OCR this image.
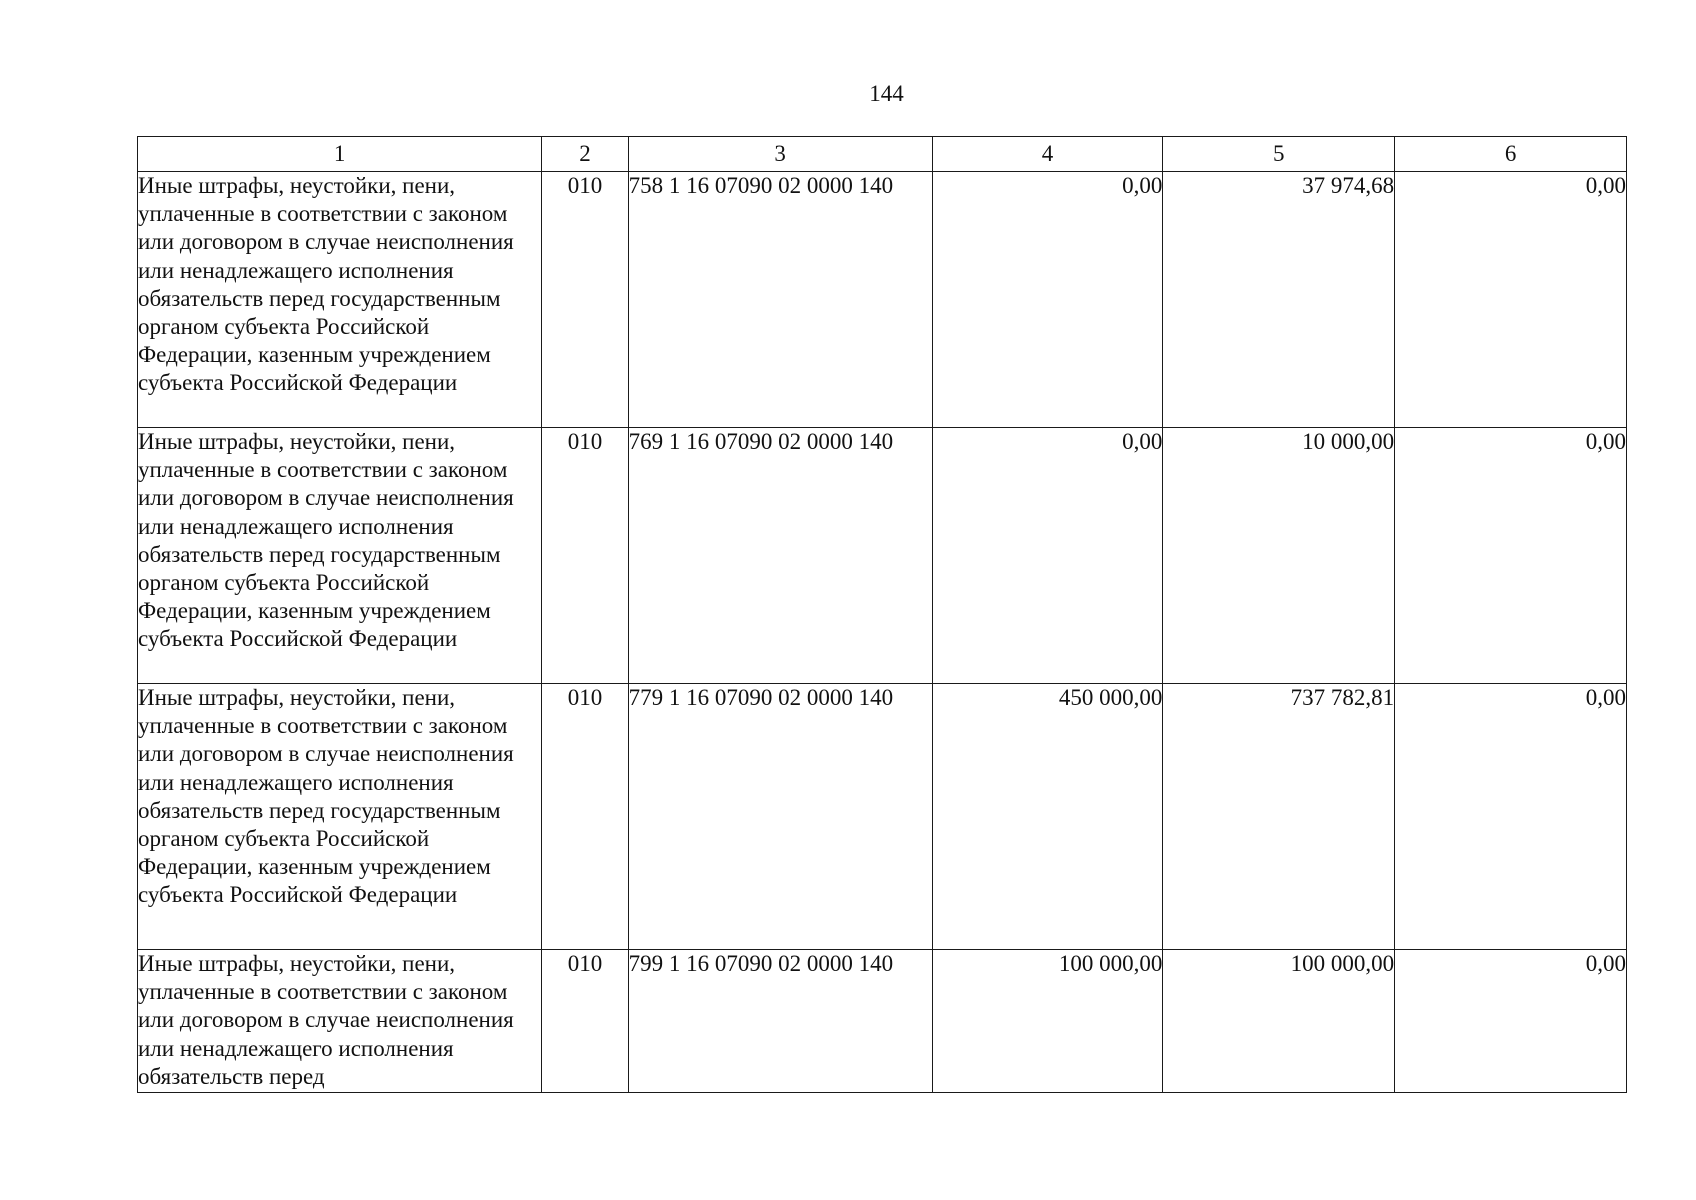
144
1	2	3	4	5	6
Иные штрафы, неустойки, пени, уплаченные в соответствии с законом или договором в случае неисполнения или ненадлежащего исполнения обязательств перед государственным органом субъекта Российской Федерации, казенным учреждением субъекта Российской Федерации	010	758 1 16 07090 02 0000 140	0,00	37 974,68	0,00
Иные штрафы, неустойки, пени, уплаченные в соответствии с законом или договором в случае неисполнения или ненадлежащего исполнения обязательств перед государственным органом субъекта Российской Федерации, казенным учреждением субъекта Российской Федерации	010	769 1 16 07090 02 0000 140	0,00	10 000,00	0,00
Иные штрафы, неустойки, пени, уплаченные в соответствии с законом или договором в случае неисполнения или ненадлежащего исполнения обязательств перед государственным органом субъекта Российской Федерации, казенным учреждением субъекта Российской Федерации	010	779 1 16 07090 02 0000 140	450 000,00	737 782,81	0,00
Иные штрафы, неустойки, пени, уплаченные в соответствии с законом или договором в случае неисполнения или ненадлежащего исполнения обязательств перед	010	799 1 16 07090 02 0000 140	100 000,00	100 000,00	0,00
